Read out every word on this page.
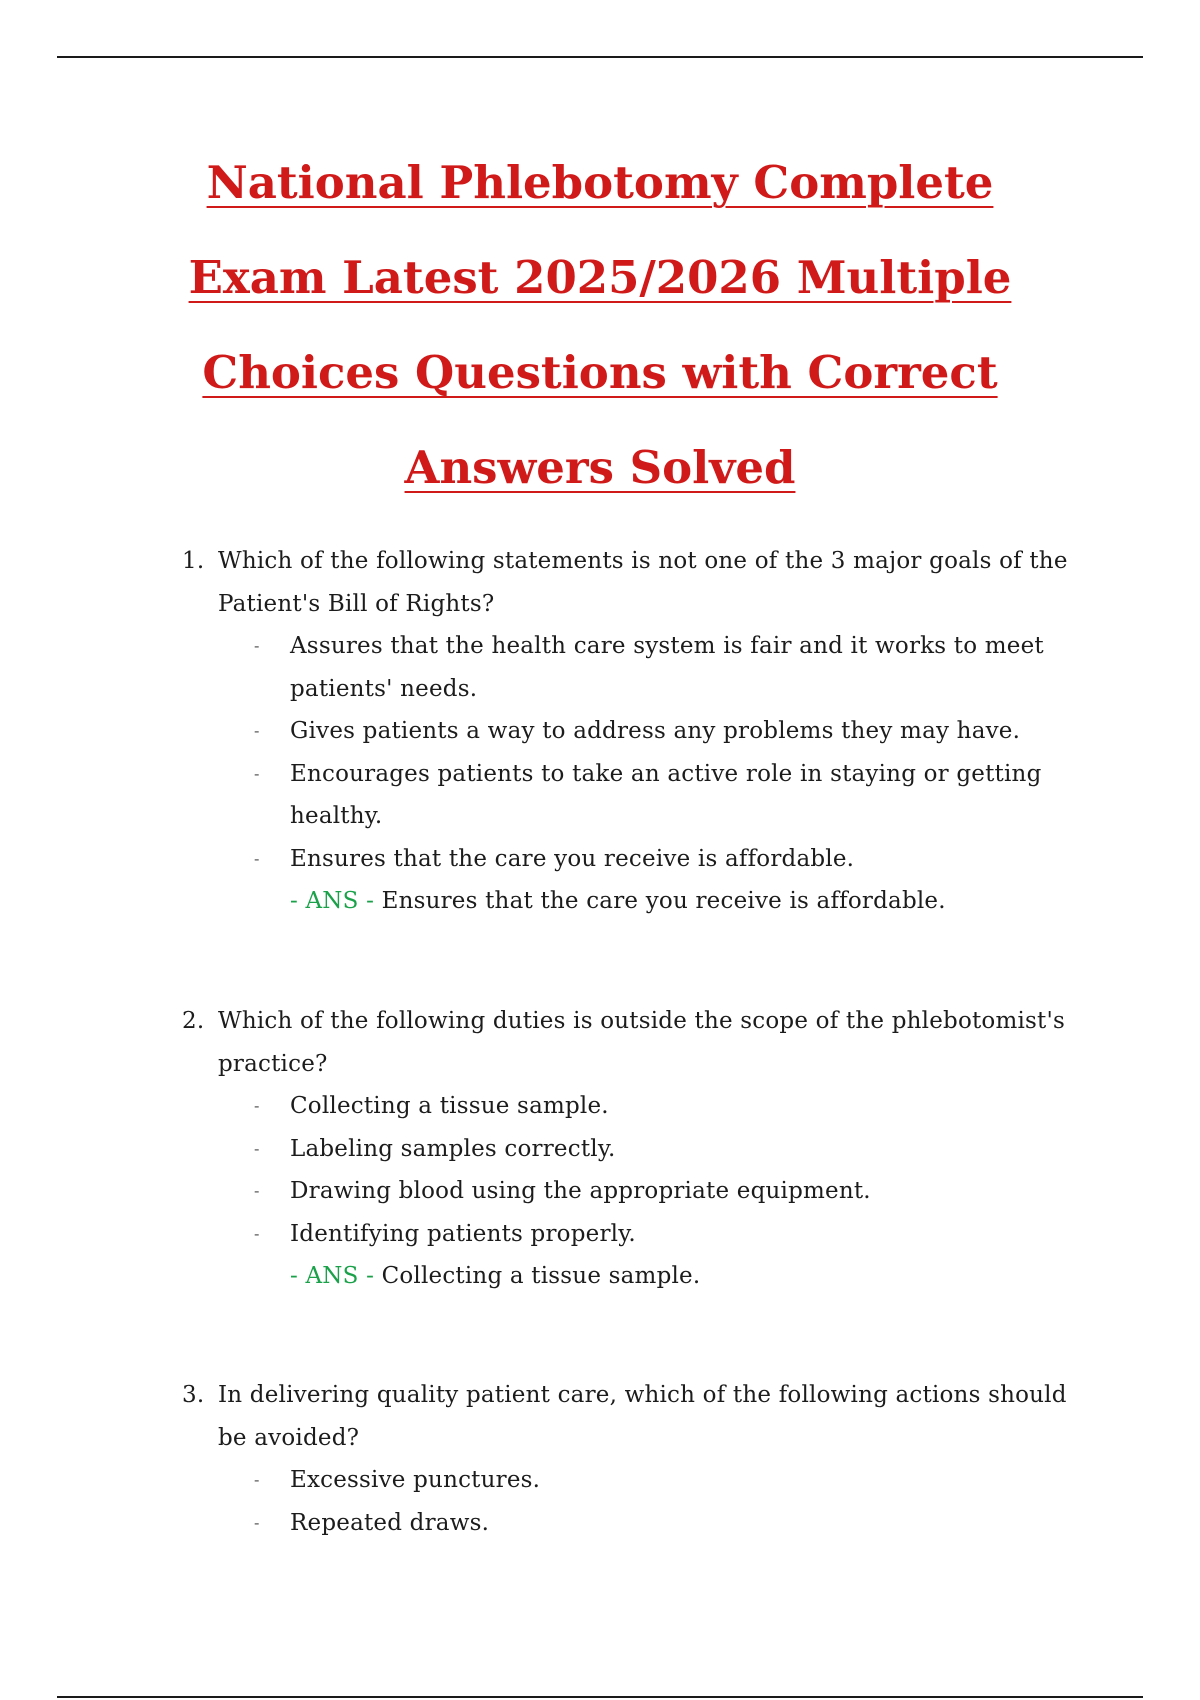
National Phlebotomy Complete
Exam Latest 2025/2026 Multiple
Choices Questions with Correct
Answers Solved
1. Which of the following statements is not one of the 3 major goals of the Patient's Bill of Rights?
- Assures that the health care system is fair and it works to meet patients' needs.
- Gives patients a way to address any problems they may have.
- Encourages patients to take an active role in staying or getting healthy.
- Ensures that the care you receive is affordable.
- ANS - Ensures that the care you receive is affordable.
2. Which of the following duties is outside the scope of the phlebotomist's practice?
- Collecting a tissue sample.
- Labeling samples correctly.
- Drawing blood using the appropriate equipment.
- Identifying patients properly.
- ANS - Collecting a tissue sample.
3. In delivering quality patient care, which of the following actions should be avoided?
- Excessive punctures.
- Repeated draws.
